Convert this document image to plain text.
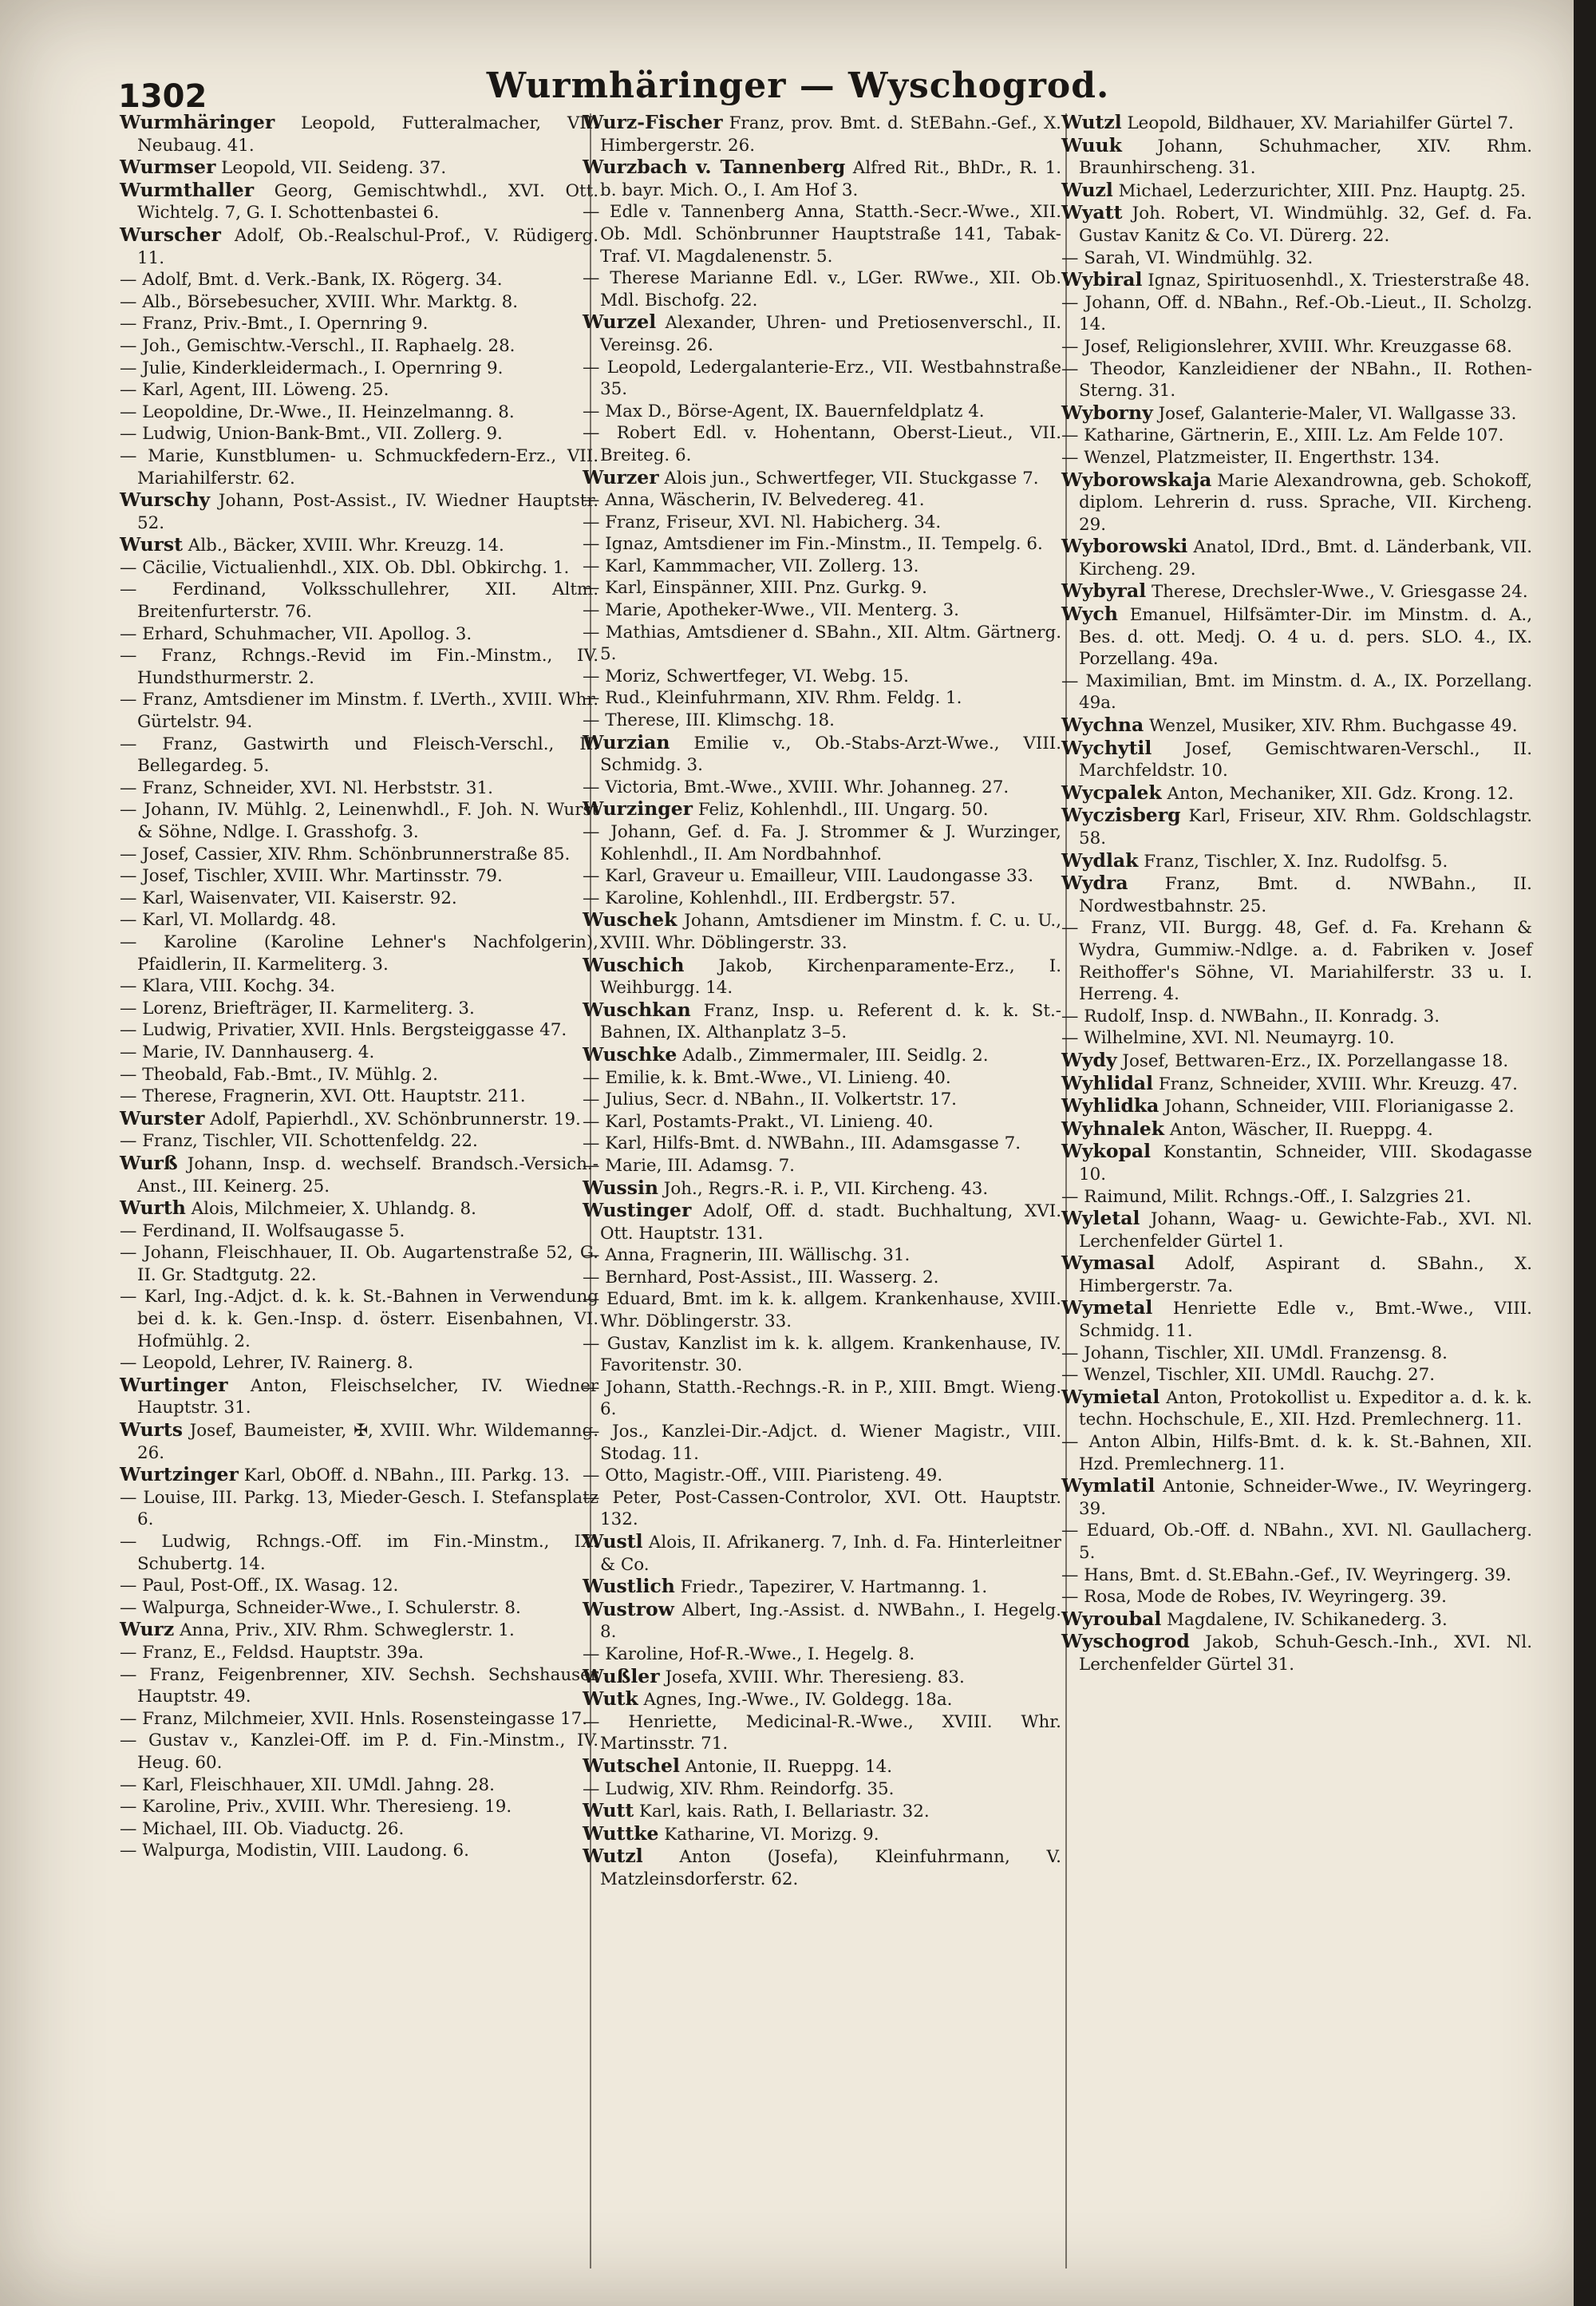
1302	Wurmhäringer — Wyschogrod.

Wurmhäringer Leopold, Futteralmacher, VII. Neubaug. 41.

Wurmser Leopold, VII. Seideng. 37.

Wurmthaller Georg, Gemischtwhdl., XVI. Ott. Wichtelg. 7, G. I. Schottenbastei 6.

Wurscher Adolf, Ob.-Realschul-Prof., V. Rüdigerg. 11.

— Adolf, Bmt. d. Verk.-Bank, IX. Rögerg. 34.

— Alb., Börsebesucher, XVIII. Whr. Marktg. 8.

— Franz, Priv.-Bmt., I. Opernring 9.

— Joh., Gemischtw.-Verschl., II. Raphaelg. 28.

— Julie, Kinderkleidermach., I. Opernring 9.

— Karl, Agent, III. Löweng. 25.

— Leopoldine, Dr.-Wwe., II. Heinzelmanng. 8.

— Ludwig, Union-Bank-Bmt., VII. Zollerg. 9.

— Marie, Kunstblumen- u. Schmuckfedern-Erz., VII. Mariahilferstr. 62.

Wurschy Johann, Post-Assist., IV. Wiedner Hauptstr. 52.

Wurst Alb., Bäcker, XVIII. Whr. Kreuzg. 14.

— Cäcilie, Victualienhdl., XIX. Ob. Dbl. Obkirchg. 1.

— Ferdinand, Volksschullehrer, XII. Altm. Breitenfurterstr. 76.

— Erhard, Schuhmacher, VII. Apollog. 3.

— Franz, Rchngs.-Revid im Fin.-Minstm., IV. Hundsthurmerstr. 2.

— Franz, Amtsdiener im Minstm. f. LVerth., XVIII. Whr. Gürtelstr. 94.

— Franz, Gastwirth und Fleisch-Verschl., II. Bellegardeg. 5.

— Franz, Schneider, XVI. Nl. Herbststr. 31.

— Johann, IV. Mühlg. 2, Leinenwhdl., F. Joh. N. Wurst & Söhne, Ndlge. I. Grasshofg. 3.

— Josef, Cassier, XIV. Rhm. Schönbrunnerstraße 85.

— Josef, Tischler, XVIII. Whr. Martinsstr. 79.

— Karl, Waisenvater, VII. Kaiserstr. 92.

— Karl, VI. Mollardg. 48.

— Karoline (Karoline Lehner's Nachfolgerin), Pfaidlerin, II. Karmeliterg. 3.

— Klara, VIII. Kochg. 34.

— Lorenz, Briefträger, II. Karmeliterg. 3.

— Ludwig, Privatier, XVII. Hnls. Bergsteiggasse 47.

— Marie, IV. Dannhauserg. 4.

— Theobald, Fab.-Bmt., IV. Mühlg. 2.

— Therese, Fragnerin, XVI. Ott. Hauptstr. 211.

Wurster Adolf, Papierhdl., XV. Schönbrunnerstr. 19.

— Franz, Tischler, VII. Schottenfeldg. 22.

Wurß Johann, Insp. d. wechself. Brandsch.-Versich.-Anst., III. Keinerg. 25.

Wurth Alois, Milchmeier, X. Uhlandg. 8.

— Ferdinand, II. Wolfsaugasse 5.

— Johann, Fleischhauer, II. Ob. Augartenstraße 52, G. II. Gr. Stadtgutg. 22.

— Karl, Ing.-Adjct. d. k. k. St.-Bahnen in Verwendung bei d. k. k. Gen.-Insp. d. österr. Eisenbahnen, VI. Hofmühlg. 2.

— Leopold, Lehrer, IV. Rainerg. 8.

Wurtinger Anton, Fleischselcher, IV. Wiedner Hauptstr. 31.

Wurts Josef, Baumeister, ✠, XVIII. Whr. Wildemanng. 26.

Wurtzinger Karl, ObOff. d. NBahn., III. Parkg. 13.

— Louise, III. Parkg. 13, Mieder-Gesch. I. Stefansplatz 6.

— Ludwig, Rchngs.-Off. im Fin.-Minstm., IX. Schubertg. 14.

— Paul, Post-Off., IX. Wasag. 12.

— Walpurga, Schneider-Wwe., I. Schulerstr. 8.

Wurz Anna, Priv., XIV. Rhm. Schweglerstr. 1.

— Franz, E., Feldsd. Hauptstr. 39a.

— Franz, Feigenbrenner, XIV. Sechsh. Sechshauser Hauptstr. 49.

— Franz, Milchmeier, XVII. Hnls. Rosensteingasse 17.

— Gustav v., Kanzlei-Off. im P. d. Fin.-Minstm., IV. Heug. 60.

— Karl, Fleischhauer, XII. UMdl. Jahng. 28.

— Karoline, Priv., XVIII. Whr. Theresieng. 19.

— Michael, III. Ob. Viaductg. 26.

— Walpurga, Modistin, VIII. Laudong. 6.

Wurz-Fischer Franz, prov. Bmt. d. StEBahn.-Gef., X. Himbergerstr. 26.

Wurzbach v. Tannenberg Alfred Rit., BhDr., R. 1. b. bayr. Mich. O., I. Am Hof 3.

— Edle v. Tannenberg Anna, Statth.-Secr.-Wwe., XII. Ob. Mdl. Schönbrunner Hauptstraße 141, Tabak-Traf. VI. Magdalenenstr. 5.

— Therese Marianne Edl. v., LGer. RWwe., XII. Ob. Mdl. Bischofg. 22.

Wurzel Alexander, Uhren- und Pretiosenverschl., II. Vereinsg. 26.

— Leopold, Ledergalanterie-Erz., VII. Westbahnstraße 35.

— Max D., Börse-Agent, IX. Bauernfeldplatz 4.

— Robert Edl. v. Hohentann, Oberst-Lieut., VII. Breiteg. 6.

Wurzer Alois jun., Schwertfeger, VII. Stuckgasse 7.

— Anna, Wäscherin, IV. Belvedereg. 41.

— Franz, Friseur, XVI. Nl. Habicherg. 34.

— Ignaz, Amtsdiener im Fin.-Minstm., II. Tempelg. 6.

— Karl, Kammmacher, VII. Zollerg. 13.

— Karl, Einspänner, XIII. Pnz. Gurkg. 9.

— Marie, Apotheker-Wwe., VII. Menterg. 3.

— Mathias, Amtsdiener d. SBahn., XII. Altm. Gärtnerg. 5.

— Moriz, Schwertfeger, VI. Webg. 15.

— Rud., Kleinfuhrmann, XIV. Rhm. Feldg. 1.

— Therese, III. Klimschg. 18.

Wurzian Emilie v., Ob.-Stabs-Arzt-Wwe., VIII. Schmidg. 3.

— Victoria, Bmt.-Wwe., XVIII. Whr. Johanneg. 27.

Wurzinger Feliz, Kohlenhdl., III. Ungarg. 50.

— Johann, Gef. d. Fa. J. Strommer & J. Wurzinger, Kohlenhdl., II. Am Nordbahnhof.

— Karl, Graveur u. Emailleur, VIII. Laudongasse 33.

— Karoline, Kohlenhdl., III. Erdbergstr. 57.

Wuschek Johann, Amtsdiener im Minstm. f. C. u. U., XVIII. Whr. Döblingerstr. 33.

Wuschich Jakob, Kirchenparamente-Erz., I. Weihburgg. 14.

Wuschkan Franz, Insp. u. Referent d. k. k. St.-Bahnen, IX. Althanplatz 3–5.

Wuschke Adalb., Zimmermaler, III. Seidlg. 2.

— Emilie, k. k. Bmt.-Wwe., VI. Linieng. 40.

— Julius, Secr. d. NBahn., II. Volkertstr. 17.

— Karl, Postamts-Prakt., VI. Linieng. 40.

— Karl, Hilfs-Bmt. d. NWBahn., III. Adamsgasse 7.

— Marie, III. Adamsg. 7.

Wussin Joh., Regrs.-R. i. P., VII. Kircheng. 43.

Wustinger Adolf, Off. d. stadt. Buchhaltung, XVI. Ott. Hauptstr. 131.

— Anna, Fragnerin, III. Wällischg. 31.

— Bernhard, Post-Assist., III. Wasserg. 2.

— Eduard, Bmt. im k. k. allgem. Krankenhause, XVIII. Whr. Döblingerstr. 33.

— Gustav, Kanzlist im k. k. allgem. Krankenhause, IV. Favoritenstr. 30.

— Johann, Statth.-Rechngs.-R. in P., XIII. Bmgt. Wieng. 6.

— Jos., Kanzlei-Dir.-Adjct. d. Wiener Magistr., VIII. Stodag. 11.

— Otto, Magistr.-Off., VIII. Piaristeng. 49.

— Peter, Post-Cassen-Controlor, XVI. Ott. Hauptstr. 132.

Wustl Alois, II. Afrikanerg. 7, Inh. d. Fa. Hinterleitner & Co.

Wustlich Friedr., Tapezirer, V. Hartmanng. 1.

Wustrow Albert, Ing.-Assist. d. NWBahn., I. Hegelg. 8.

— Karoline, Hof-R.-Wwe., I. Hegelg. 8.

Wußler Josefa, XVIII. Whr. Theresieng. 83.

Wutk Agnes, Ing.-Wwe., IV. Goldegg. 18a.

— Henriette, Medicinal-R.-Wwe., XVIII. Whr. Martinsstr. 71.

Wutschel Antonie, II. Rueppg. 14.

— Ludwig, XIV. Rhm. Reindorfg. 35.

Wutt Karl, kais. Rath, I. Bellariastr. 32.

Wuttke Katharine, VI. Morizg. 9.

Wutzl Anton (Josefa), Kleinfuhrmann, V. Matzleinsdorferstr. 62.

Wutzl Leopold, Bildhauer, XV. Mariahilfer Gürtel 7.

Wuuk Johann, Schuhmacher, XIV. Rhm. Braunhirscheng. 31.

Wuzl Michael, Lederzurichter, XIII. Pnz. Hauptg. 25.

Wyatt Joh. Robert, VI. Windmühlg. 32, Gef. d. Fa. Gustav Kanitz & Co. VI. Dürerg. 22.

— Sarah, VI. Windmühlg. 32.

Wybiral Ignaz, Spirituosenhdl., X. Triesterstraße 48.

— Johann, Off. d. NBahn., Ref.-Ob.-Lieut., II. Scholzg. 14.

— Josef, Religionslehrer, XVIII. Whr. Kreuzgasse 68.

— Theodor, Kanzleidiener der NBahn., II. Rothen-Sterng. 31.

Wyborny Josef, Galanterie-Maler, VI. Wallgasse 33.

— Katharine, Gärtnerin, E., XIII. Lz. Am Felde 107.

— Wenzel, Platzmeister, II. Engerthstr. 134.

Wyborowskaja Marie Alexandrowna, geb. Schokoff, diplom. Lehrerin d. russ. Sprache, VII. Kircheng. 29.

Wyborowski Anatol, IDrd., Bmt. d. Länderbank, VII. Kircheng. 29.

Wybyral Therese, Drechsler-Wwe., V. Griesgasse 24.

Wych Emanuel, Hilfsämter-Dir. im Minstm. d. A., Bes. d. ott. Medj. O. 4 u. d. pers. SLO. 4., IX. Porzellang. 49a.

— Maximilian, Bmt. im Minstm. d. A., IX. Porzellang. 49a.

Wychna Wenzel, Musiker, XIV. Rhm. Buchgasse 49.

Wychytil Josef, Gemischtwaren-Verschl., II. Marchfeldstr. 10.

Wycpalek Anton, Mechaniker, XII. Gdz. Krong. 12.

Wyczisberg Karl, Friseur, XIV. Rhm. Goldschlagstr. 58.

Wydlak Franz, Tischler, X. Inz. Rudolfsg. 5.

Wydra Franz, Bmt. d. NWBahn., II. Nordwestbahnstr. 25.

— Franz, VII. Burgg. 48, Gef. d. Fa. Krehann & Wydra, Gummiw.-Ndlge. a. d. Fabriken v. Josef Reithoffer's Söhne, VI. Mariahilferstr. 33 u. I. Herreng. 4.

— Rudolf, Insp. d. NWBahn., II. Konradg. 3.

— Wilhelmine, XVI. Nl. Neumayrg. 10.

Wydy Josef, Bettwaren-Erz., IX. Porzellangasse 18.

Wyhlidal Franz, Schneider, XVIII. Whr. Kreuzg. 47.

Wyhlidka Johann, Schneider, VIII. Florianigasse 2.

Wyhnalek Anton, Wäscher, II. Rueppg. 4.

Wykopal Konstantin, Schneider, VIII. Skodagasse 10.

— Raimund, Milit. Rchngs.-Off., I. Salzgries 21.

Wyletal Johann, Waag- u. Gewichte-Fab., XVI. Nl. Lerchenfelder Gürtel 1.

Wymasal Adolf, Aspirant d. SBahn., X. Himbergerstr. 7a.

Wymetal Henriette Edle v., Bmt.-Wwe., VIII. Schmidg. 11.

— Johann, Tischler, XII. UMdl. Franzensg. 8.

— Wenzel, Tischler, XII. UMdl. Rauchg. 27.

Wymietal Anton, Protokollist u. Expeditor a. d. k. k. techn. Hochschule, E., XII. Hzd. Premlechnerg. 11.

— Anton Albin, Hilfs-Bmt. d. k. k. St.-Bahnen, XII. Hzd. Premlechnerg. 11.

Wymlatil Antonie, Schneider-Wwe., IV. Weyringerg. 39.

— Eduard, Ob.-Off. d. NBahn., XVI. Nl. Gaullacherg. 5.

— Hans, Bmt. d. St.EBahn.-Gef., IV. Weyringerg. 39.

— Rosa, Mode de Robes, IV. Weyringerg. 39.

Wyroubal Magdalene, IV. Schikanederg. 3.

Wyschogrod Jakob, Schuh-Gesch.-Inh., XVI. Nl. Lerchenfelder Gürtel 31.
